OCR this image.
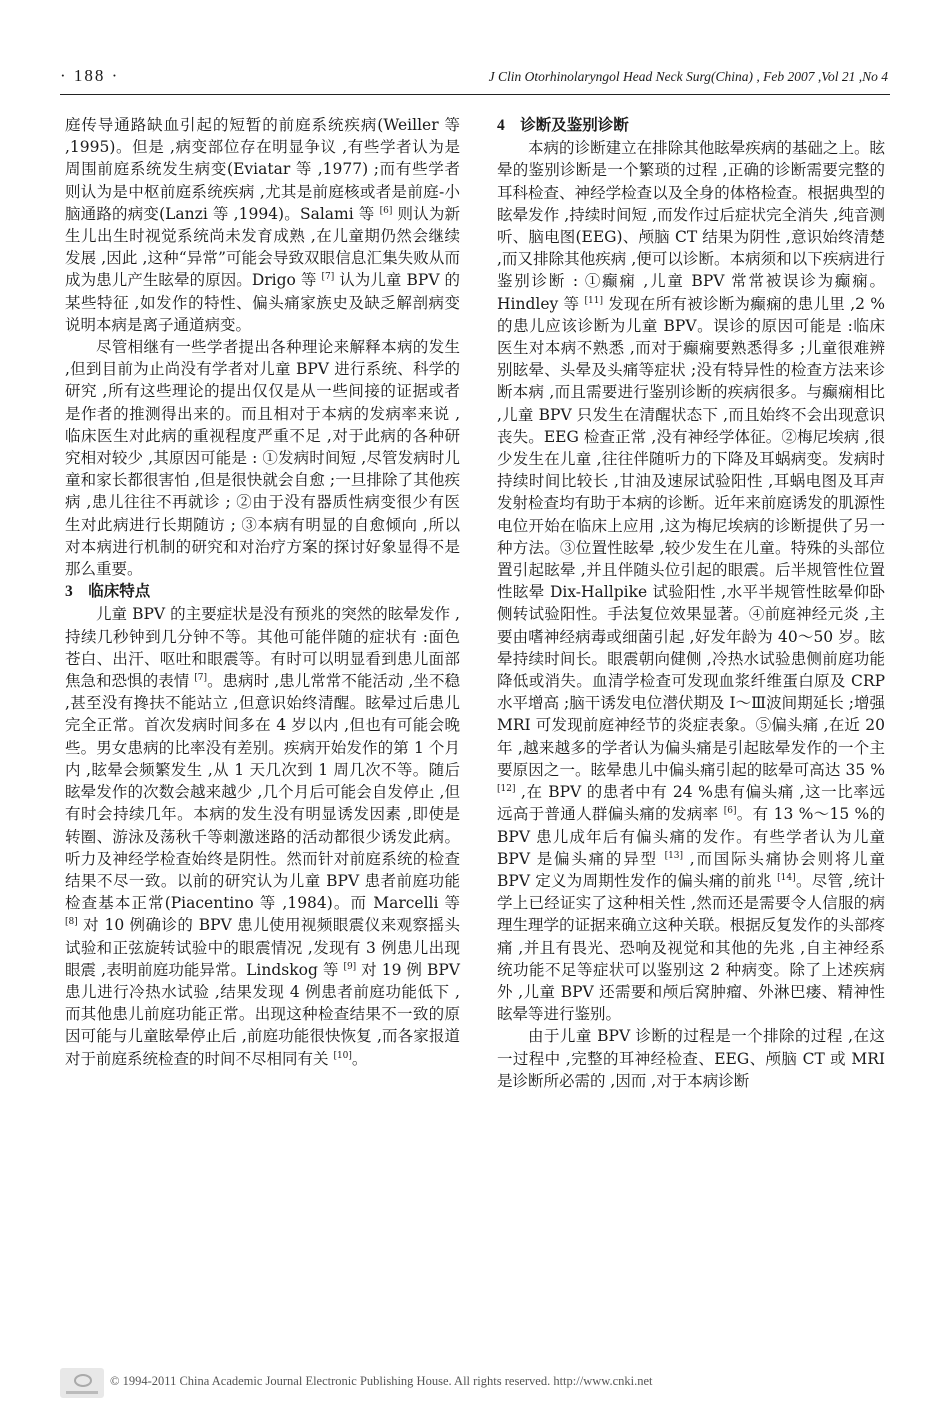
· 188 ·	J Clin Otorhinolaryngol Head Neck Surg(China) , Feb 2007 ,Vol 21 ,No 4

庭传导通路缺血引起的短暂的前庭系统疾病(Weiller 等 ,1995)。但是 ,病变部位存在明显争议 ,有些学者认为是周围前庭系统发生病变(Eviatar 等 ,1977) ;而有些学者则认为是中枢前庭系统疾病 ,尤其是前庭核或者是前庭-小脑通路的病变(Lanzi 等 ,1994)。Salami 等 [6] 则认为新生儿出生时视觉系统尚未发育成熟 ,在儿童期仍然会继续发展 ,因此 ,这种“异常”可能会导致双眼信息汇集失败从而成为患儿产生眩晕的原因。Drigo 等 [7] 认为儿童 BPV 的某些特征 ,如发作的特性、偏头痛家族史及缺乏解剖病变说明本病是离子通道病变。

尽管相继有一些学者提出各种理论来解释本病的发生 ,但到目前为止尚没有学者对儿童 BPV 进行系统、科学的研究 ,所有这些理论的提出仅仅是从一些间接的证据或者是作者的推测得出来的。而且相对于本病的发病率来说 ,临床医生对此病的重视程度严重不足 ,对于此病的各种研究相对较少 ,其原因可能是 : ①发病时间短 ,尽管发病时儿童和家长都很害怕 ,但是很快就会自愈 ;一旦排除了其他疾病 ,患儿往往不再就诊 ; ②由于没有器质性病变很少有医生对此病进行长期随访 ; ③本病有明显的自愈倾向 ,所以对本病进行机制的研究和对治疗方案的探讨好象显得不是那么重要。

3 临床特点

儿童 BPV 的主要症状是没有预兆的突然的眩晕发作 ,持续几秒钟到几分钟不等。其他可能伴随的症状有 :面色苍白、出汗、呕吐和眼震等。有时可以明显看到患儿面部焦急和恐惧的表情 [7]。患病时 ,患儿常常不能活动 ,坐不稳 ,甚至没有搀扶不能站立 ,但意识始终清醒。眩晕过后患儿完全正常。首次发病时间多在 4 岁以内 ,但也有可能会晚些。男女患病的比率没有差别。疾病开始发作的第 1 个月内 ,眩晕会频繁发生 ,从 1 天几次到 1 周几次不等。随后眩晕发作的次数会越来越少 ,几个月后可能会自发停止 ,但有时会持续几年。本病的发生没有明显诱发因素 ,即使是转圈、游泳及荡秋千等刺激迷路的活动都很少诱发此病。听力及神经学检查始终是阴性。然而针对前庭系统的检查结果不尽一致。以前的研究认为儿童 BPV 患者前庭功能检查基本正常(Piacentino 等 ,1984)。而 Marcelli 等 [8] 对 10 例确诊的 BPV 患儿使用视频眼震仪来观察摇头试验和正弦旋转试验中的眼震情况 ,发现有 3 例患儿出现眼震 ,表明前庭功能异常。Lindskog 等 [9] 对 19 例 BPV 患儿进行冷热水试验 ,结果发现 4 例患者前庭功能低下 ,而其他患儿前庭功能正常。出现这种检查结果不一致的原因可能与儿童眩晕停止后 ,前庭功能很快恢复 ,而各家报道对于前庭系统检查的时间不尽相同有关 [10]。

4 诊断及鉴别诊断

本病的诊断建立在排除其他眩晕疾病的基础之上。眩晕的鉴别诊断是一个繁琐的过程 ,正确的诊断需要完整的耳科检查、神经学检查以及全身的体格检查。根据典型的眩晕发作 ,持续时间短 ,而发作过后症状完全消失 ,纯音测听、脑电图(EEG)、颅脑 CT 结果为阴性 ,意识始终清楚 ,而又排除其他疾病 ,便可以诊断。本病须和以下疾病进行鉴别诊断 : ①癫痫 ,儿童 BPV 常常被误诊为癫痫。Hindley 等 [11] 发现在所有被诊断为癫痫的患儿里 ,2 %的患儿应该诊断为儿童 BPV。误诊的原因可能是 :临床医生对本病不熟悉 ,而对于癫痫要熟悉得多 ;儿童很难辨别眩晕、头晕及头痛等症状 ;没有特异性的检查方法来诊断本病 ,而且需要进行鉴别诊断的疾病很多。与癫痫相比 ,儿童 BPV 只发生在清醒状态下 ,而且始终不会出现意识丧失。EEG 检查正常 ,没有神经学体征。②梅尼埃病 ,很少发生在儿童 ,往往伴随听力的下降及耳蜗病变。发病时持续时间比较长 ,甘油及速尿试验阳性 ,耳蜗电图及耳声发射检查均有助于本病的诊断。近年来前庭诱发的肌源性电位开始在临床上应用 ,这为梅尼埃病的诊断提供了另一种方法。③位置性眩晕 ,较少发生在儿童。特殊的头部位置引起眩晕 ,并且伴随头位引起的眼震。后半规管性位置性眩晕 Dix-Hallpike 试验阳性 ,水平半规管性眩晕仰卧侧转试验阳性。手法复位效果显著。④前庭神经元炎 ,主要由嗜神经病毒或细菌引起 ,好发年龄为 40～50 岁。眩晕持续时间长。眼震朝向健侧 ,冷热水试验患侧前庭功能降低或消失。血清学检查可发现血浆纤维蛋白原及 CRP 水平增高 ;脑干诱发电位潜伏期及 Ⅰ～Ⅲ波间期延长 ;增强 MRI 可发现前庭神经节的炎症表象。⑤偏头痛 ,在近 20 年 ,越来越多的学者认为偏头痛是引起眩晕发作的一个主要原因之一。眩晕患儿中偏头痛引起的眩晕可高达 35 % [12] ,在 BPV 的患者中有 24 %患有偏头痛 ,这一比率远远高于普通人群偏头痛的发病率 [6]。有 13 %～15 %的 BPV 患儿成年后有偏头痛的发作。有些学者认为儿童 BPV 是偏头痛的异型 [13] ,而国际头痛协会则将儿童 BPV 定义为周期性发作的偏头痛的前兆 [14]。尽管 ,统计学上已经证实了这种相关性 ,然而还是需要令人信服的病理生理学的证据来确立这种关联。根据反复发作的头部疼痛 ,并且有畏光、恐响及视觉和其他的先兆 ,自主神经系统功能不足等症状可以鉴别这 2 种病变。除了上述疾病外 ,儿童 BPV 还需要和颅后窝肿瘤、外淋巴瘘、精神性眩晕等进行鉴别。

由于儿童 BPV 诊断的过程是一个排除的过程 ,在这一过程中 ,完整的耳神经检查、EEG、颅脑 CT 或 MRI 是诊断所必需的 ,因而 ,对于本病诊断

© 1994-2011 China Academic Journal Electronic Publishing House. All rights reserved. http://www.cnki.net
